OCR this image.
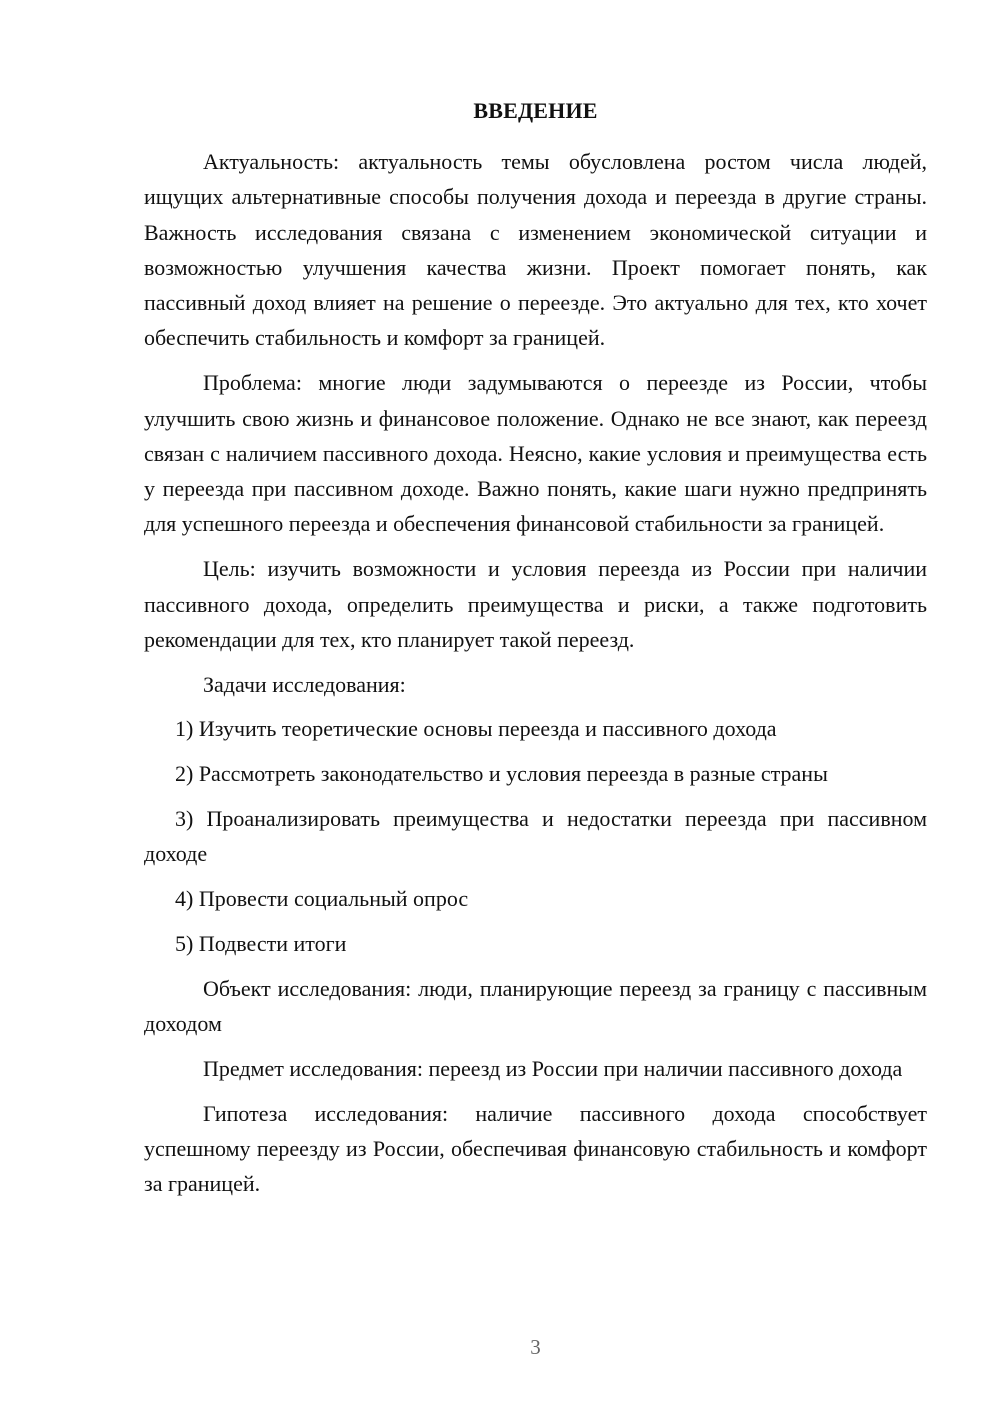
ВВЕДЕНИЕ

Актуальность: актуальность темы обусловлена ростом числа людей, ищущих альтернативные способы получения дохода и переезда в другие страны. Важность исследования связана с изменением экономической ситуации и возможностью улучшения качества жизни. Проект помогает понять, как пассивный доход влияет на решение о переезде. Это актуально для тех, кто хочет обеспечить стабильность и комфорт за границей.

Проблема: многие люди задумываются о переезде из России, чтобы улучшить свою жизнь и финансовое положение. Однако не все знают, как переезд связан с наличием пассивного дохода. Неясно, какие условия и преимущества есть у переезда при пассивном доходе. Важно понять, какие шаги нужно предпринять для успешного переезда и обеспечения финансовой стабильности за границей.

Цель: изучить возможности и условия переезда из России при наличии пассивного дохода, определить преимущества и риски, а также подготовить рекомендации для тех, кто планирует такой переезд.

Задачи исследования:

1) Изучить теоретические основы переезда и пассивного дохода

2) Рассмотреть законодательство и условия переезда в разные страны

3) Проанализировать преимущества и недостатки переезда при пассивном доходе

4) Провести социальный опрос

5) Подвести итоги

Объект исследования: люди, планирующие переезд за границу с пассивным доходом

Предмет исследования: переезд из России при наличии пассивного дохода

Гипотеза исследования: наличие пассивного дохода способствует успешному переезду из России, обеспечивая финансовую стабильность и комфорт за границей.

3
